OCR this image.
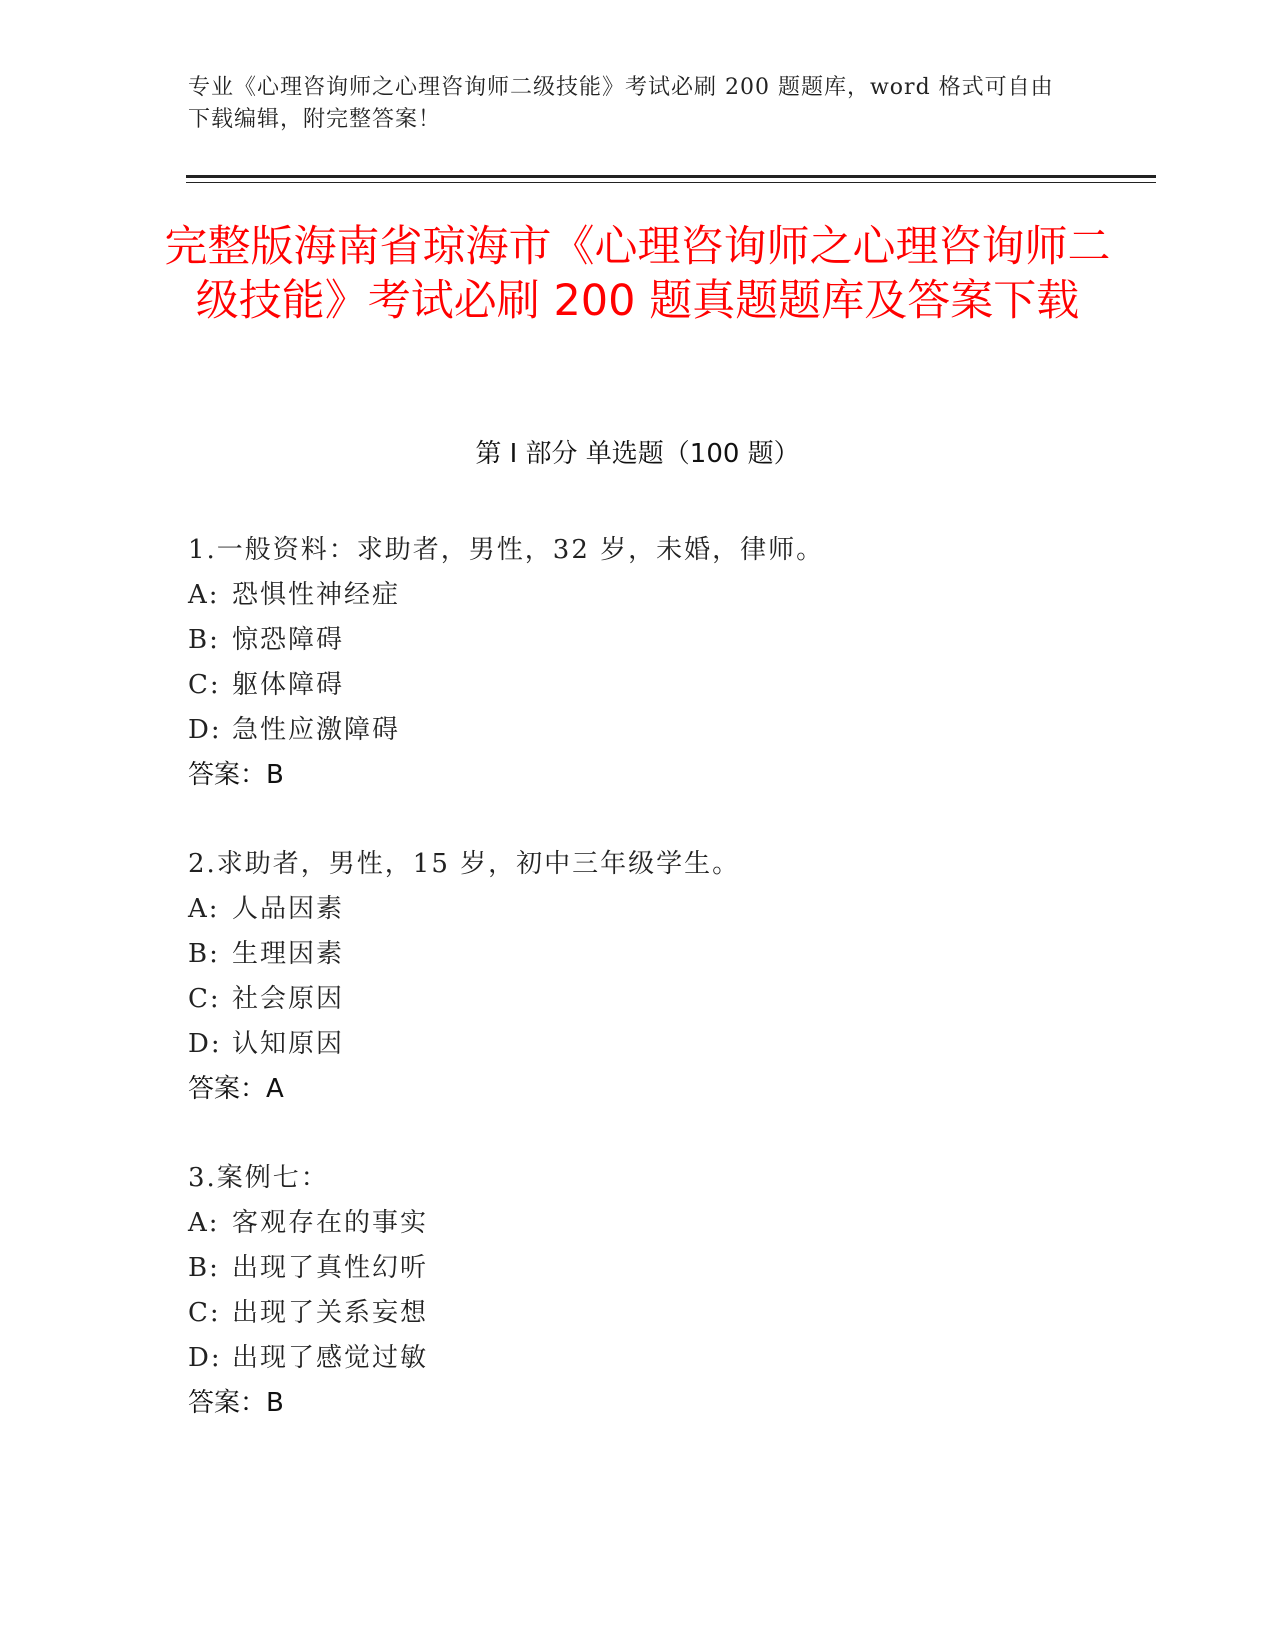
专业《心理咨询师之心理咨询师二级技能》考试必刷 200 题题库，word 格式可自由下载编辑，附完整答案！
完整版海南省琼海市《心理咨询师之心理咨询师二级技能》考试必刷 200 题真题题库及答案下载
第 I 部分 单选题（100 题）
1.一般资料：求助者，男性，32 岁，未婚，律师。
A: 恐惧性神经症
B: 惊恐障碍
C: 躯体障碍
D: 急性应激障碍
答案：B
2.求助者，男性，15 岁，初中三年级学生。
A: 人品因素
B: 生理因素
C: 社会原因
D: 认知原因
答案：A
3.案例七：
A: 客观存在的事实
B: 出现了真性幻听
C: 出现了关系妄想
D: 出现了感觉过敏
答案：B
